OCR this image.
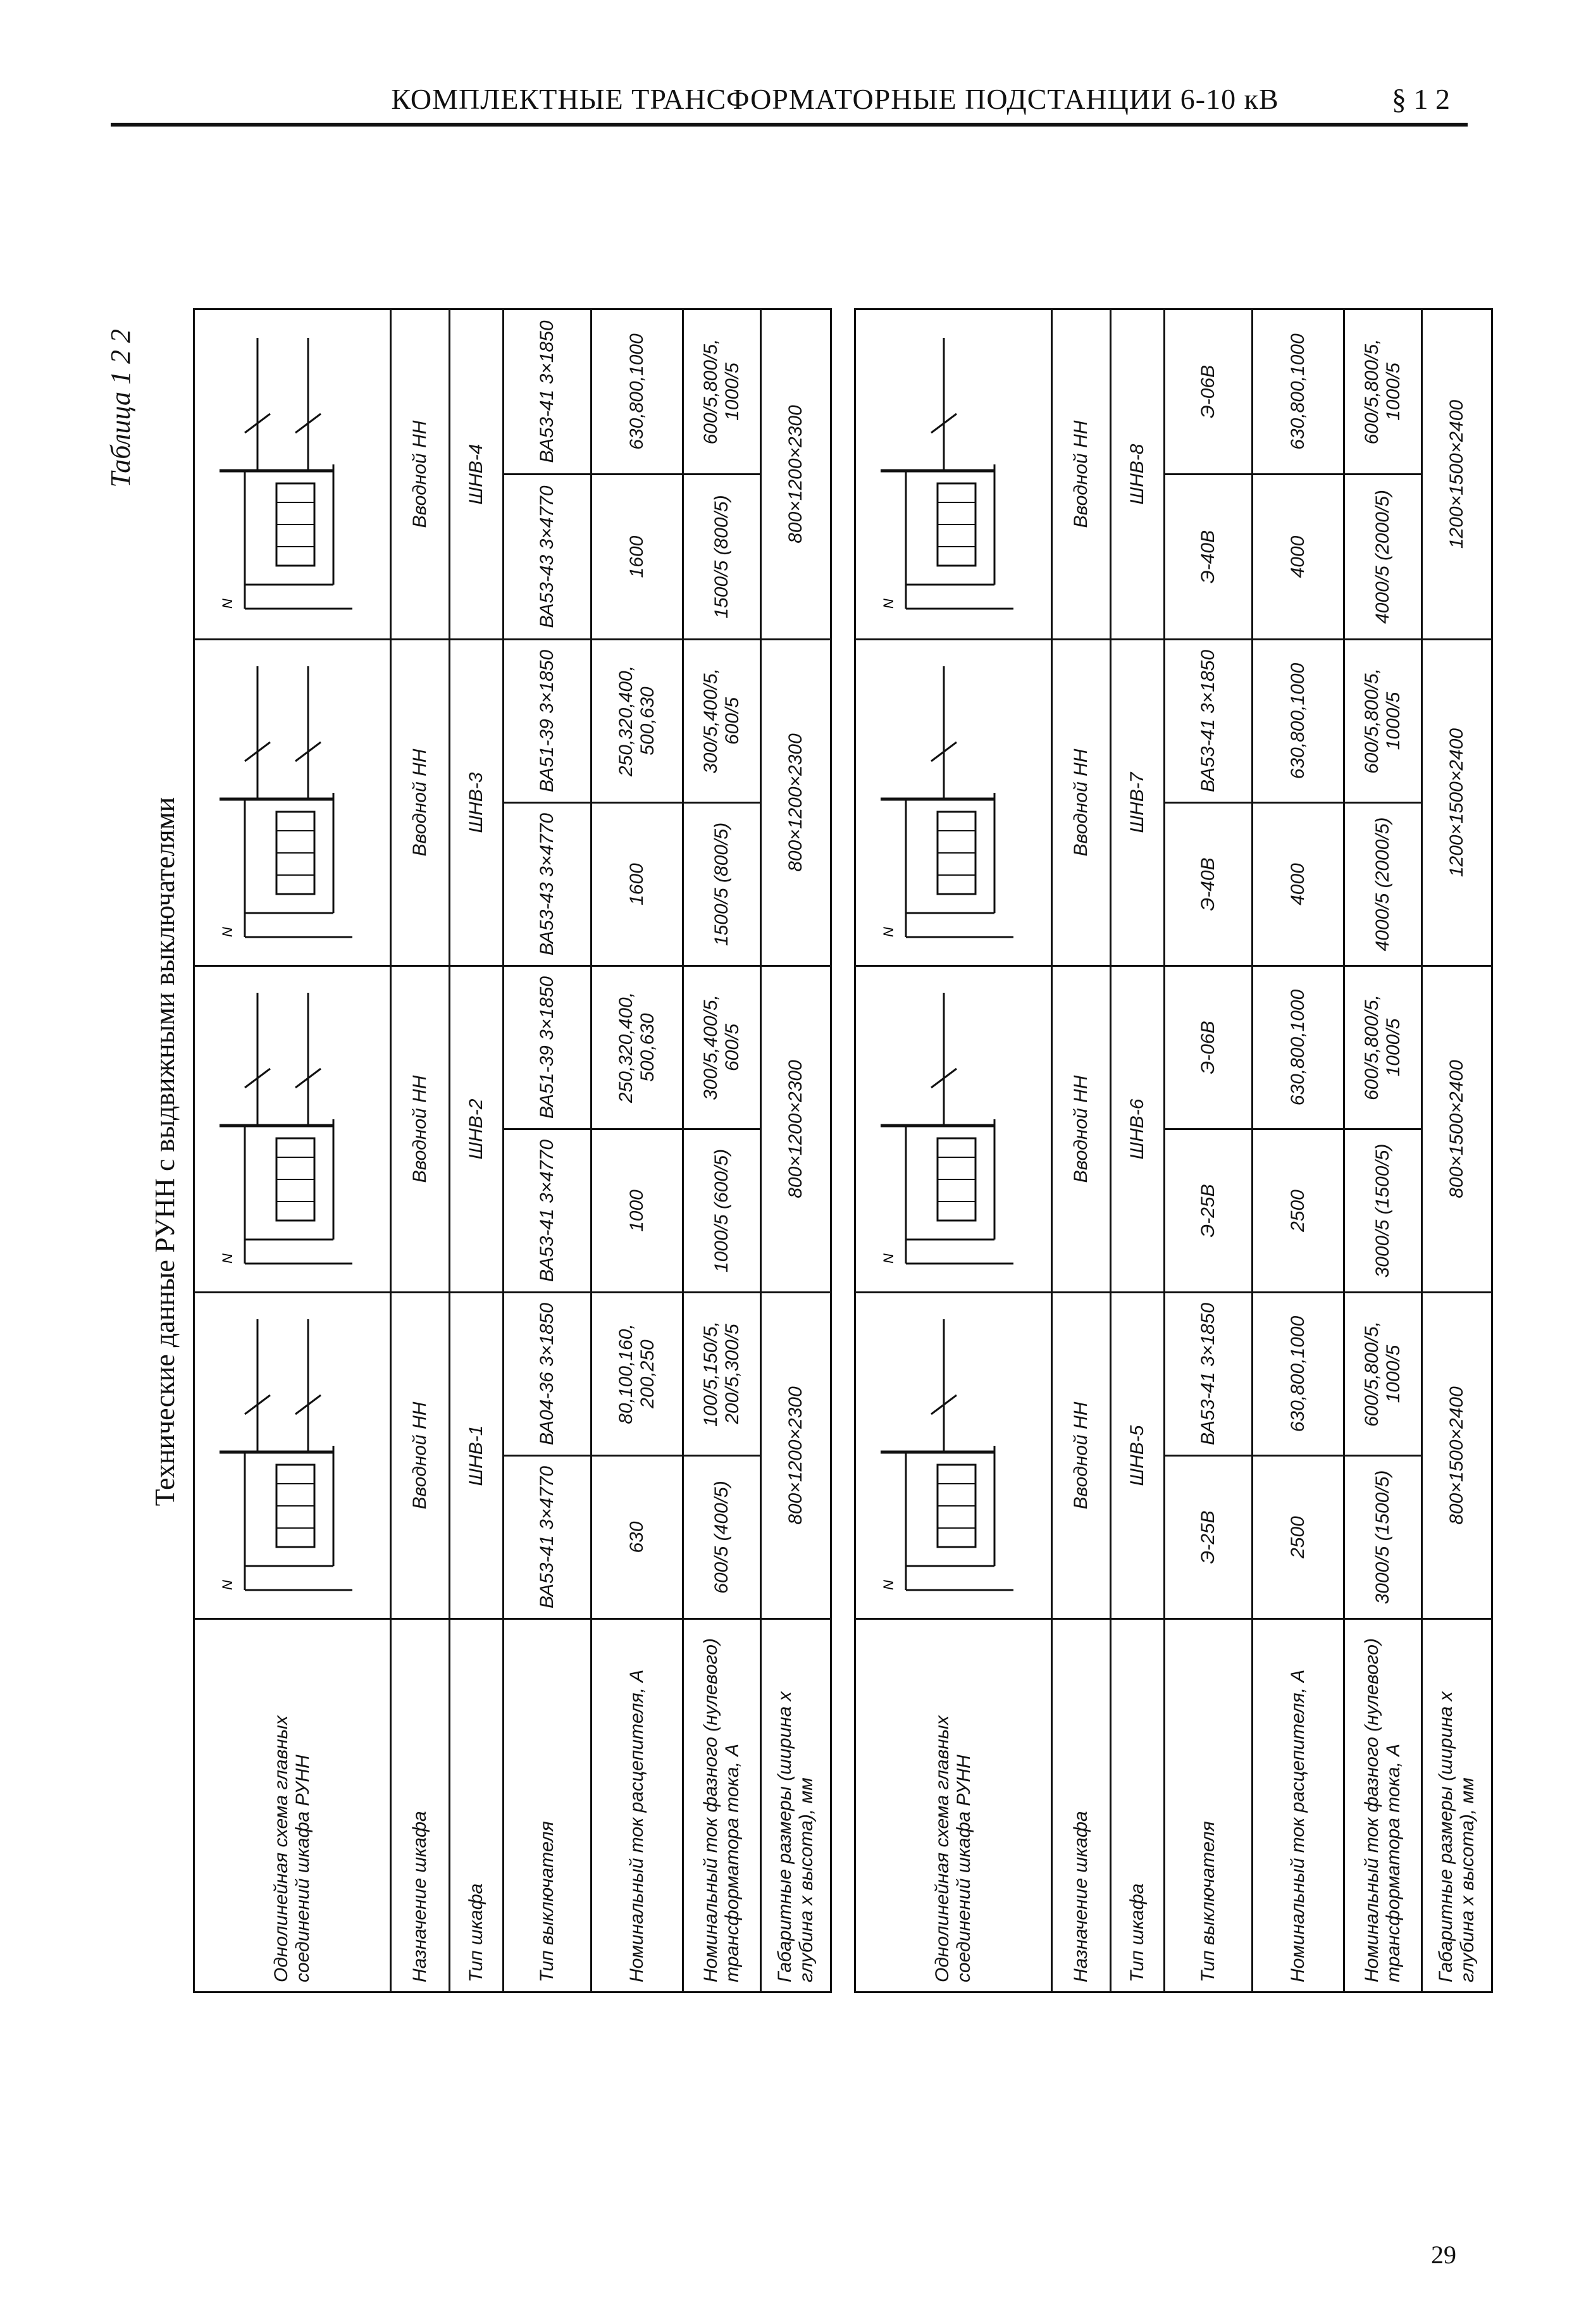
КОМПЛЕКТНЫЕ ТРАНСФОРМАТОРНЫЕ ПОДСТАНЦИИ 6-10 кВ	§ 1 2
Таблица 1 2 2
Технические данные РУНН с выдвижными выключателями
Однолинейная схема главных соединений шкафа РУНН	N		N		N		N	

Назначение шкафа	Вводной НН		Вводной НН		Вводной НН		Вводной НН	
Тип шкафа	ШНВ-1		ШНВ-2		ШНВ-3		ШНВ-4	
Тип выключателя	ВА53-41 3×4770	ВА04-36 3×1850	ВА53-41 3×4770	ВА51-39 3×1850	ВА53-43 3×4770	ВА51-39 3×1850	ВА53-43 3×4770	ВА53-41 3×1850
Номинальный ток расцепителя, А	630	80,100,160, 200,250	1000	250,320,400, 500,630	1600	250,320,400, 500,630	1600	630,800,1000
Номинальный ток фазного (нулевого) трансформатора тока, А	600/5 (400/5)	100/5,150/5, 200/5,300/5	1000/5 (600/5)	300/5,400/5, 600/5	1500/5 (800/5)	300/5,400/5, 600/5	1500/5 (800/5)	600/5,800/5, 1000/5
Габаритные размеры (ширина х глубина х высота), мм	800×1200×2300		800×1200×2300		800×1200×2300		800×1200×2300	
Однолинейная схема главных соединений шкафа РУНН	N		N		N		N	

Назначение шкафа	Вводной НН		Вводной НН		Вводной НН		Вводной НН	
Тип шкафа	ШНВ-5		ШНВ-6		ШНВ-7		ШНВ-8	
Тип выключателя	Э-25В	ВА53-41 3×1850	Э-25В	Э-06В	Э-40В	ВА53-41 3×1850	Э-40В	Э-06В
Номинальный ток расцепителя, А	2500	630,800,1000	2500	630,800,1000	4000	630,800,1000	4000	630,800,1000
Номинальный ток фазного (нулевого) трансформатора тока, А	3000/5 (1500/5)	600/5,800/5, 1000/5	3000/5 (1500/5)	600/5,800/5, 1000/5	4000/5 (2000/5)	600/5,800/5, 1000/5	4000/5 (2000/5)	600/5,800/5, 1000/5
Габаритные размеры (ширина х глубина х высота), мм	800×1500×2400		800×1500×2400		1200×1500×2400		1200×1500×2400	
29
